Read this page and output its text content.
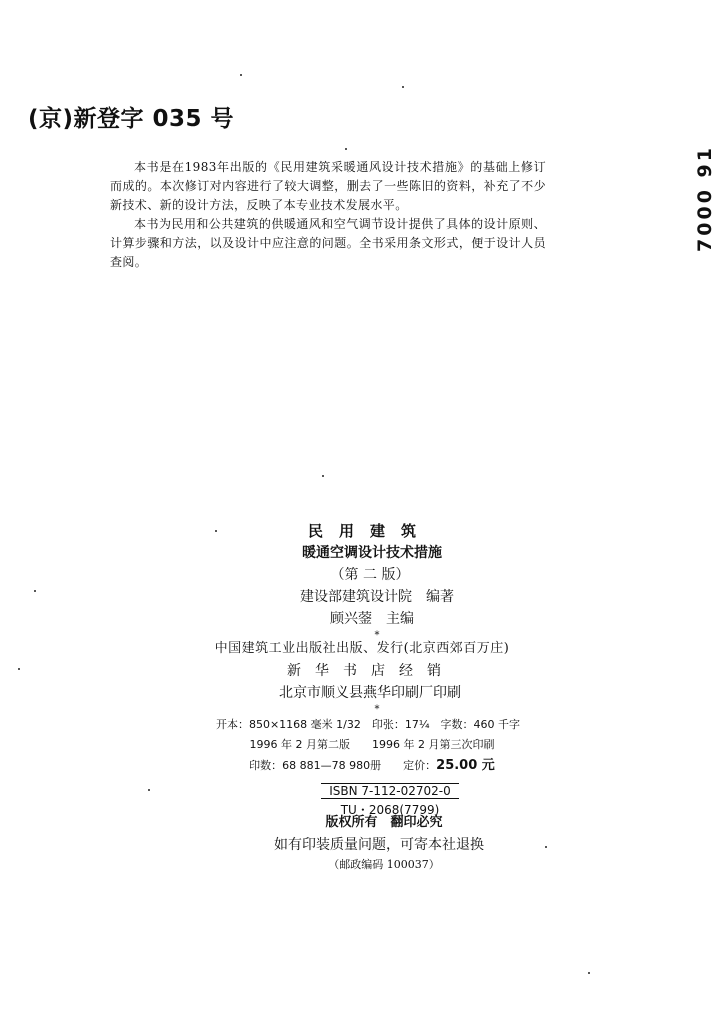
(京)新登字 035 号
7000 91

本书是在1983年出版的《民用建筑采暖通风设计技术措施》的基础上修订而成的。本次修订对内容进行了较大调整，删去了一些陈旧的资料，补充了不少新技术、新的设计方法，反映了本专业技术发展水平。

本书为民用和公共建筑的供暖通风和空气调节设计提供了具体的设计原则、计算步骤和方法，以及设计中应注意的问题。全书采用条文形式，便于设计人员查阅。

民用建筑
暖通空调设计技术措施
（第 二 版）
建设部建筑设计院　编著
顾兴蓥　主编
*
中国建筑工业出版社出版、发行(北京西郊百万庄)
新华书店经销
北京市顺义县燕华印刷厂印刷
*
开本：850×1168 毫米 1/32　印张：17¼　字数：460 千字
1996 年 2 月第二版　　1996 年 2 月第三次印刷
印数：68 881—78 980册　　 定价：25.00 元
ISBN 7-112-02702-0
TU・2068(7799)
版权所有　翻印必究
如有印装质量问题，可寄本社退换
（邮政编码 100037）
